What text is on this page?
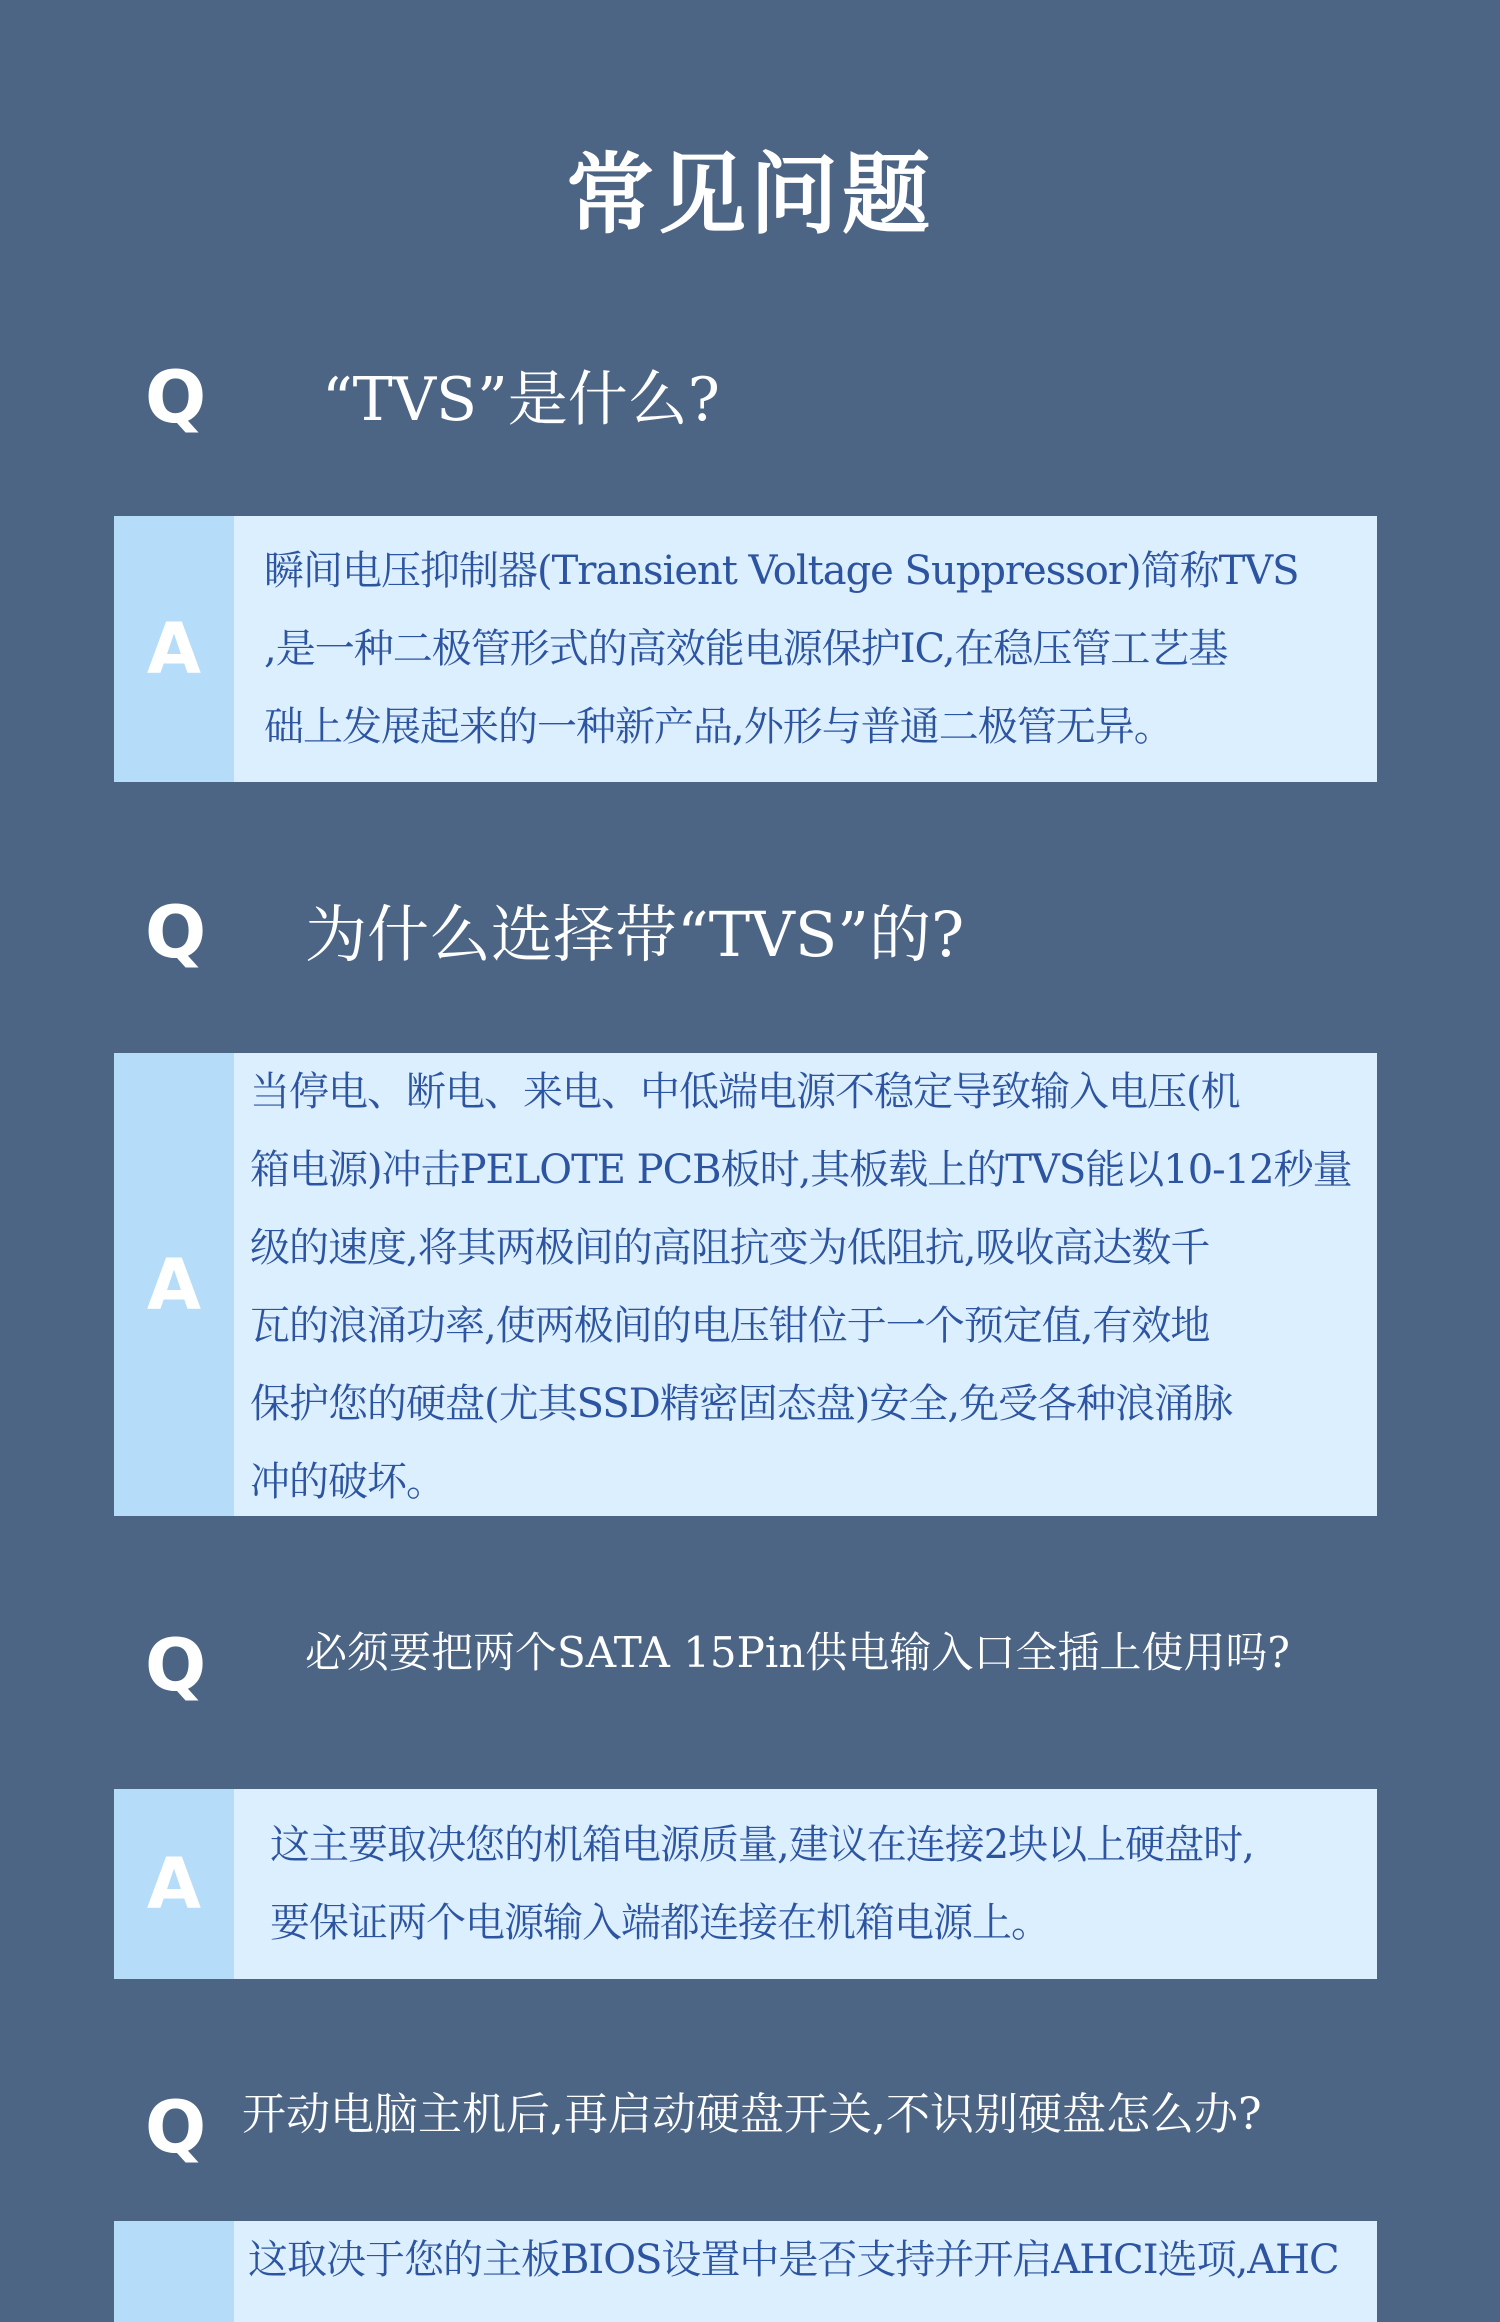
常见问题
Q “TVS”是什么?
A
瞬间电压抑制器(Transient Voltage Suppressor)简称TVS
,是一种二极管形式的高效能电源保护IC,在稳压管工艺基
础上发展起来的一种新产品,外形与普通二极管无异。
Q 为什么选择带“TVS”的?
A
当停电、断电、来电、中低端电源不稳定导致输入电压(机
箱电源)冲击PELOTE PCB板时,其板载上的TVS能以10-12秒量
级的速度,将其两极间的高阻抗变为低阻抗,吸收高达数千
瓦的浪涌功率,使两极间的电压钳位于一个预定值,有效地
保护您的硬盘(尤其SSD精密固态盘)安全,免受各种浪涌脉
冲的破坏。
Q 必须要把两个SATA 15Pin供电输入口全插上使用吗?
A	这主要取决您的机箱电源质量,建议在连接2块以上硬盘时,
要保证两个电源输入端都连接在机箱电源上。
Q 开动电脑主机后,再启动硬盘开关,不识别硬盘怎么办?
这取决于您的主板BIOS设置中是否支持并开启AHCI选项,AHC
